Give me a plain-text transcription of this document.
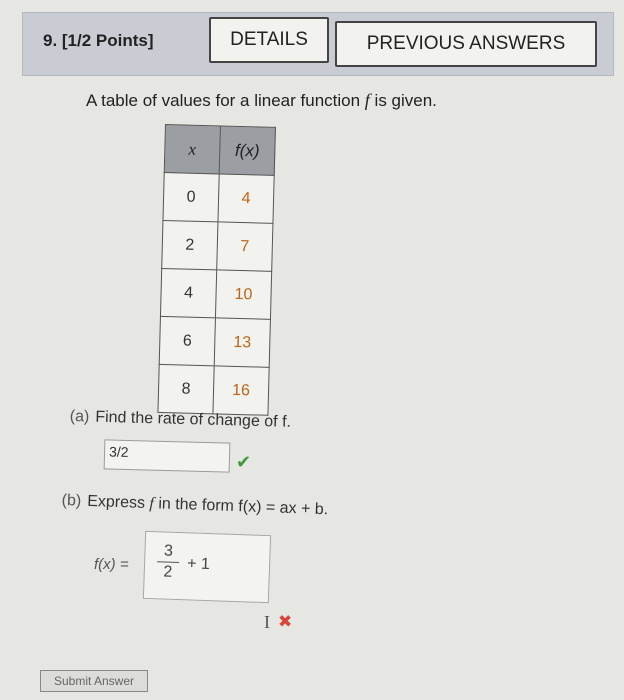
9. [1/2 Points]	DETAILS	PREVIOUS ANSWERS
A table of values for a linear function f is given.
x	f(x)
0	4
2	7
4	10
6	13
8	16
(a) Find the rate of change of f.
3/2
✔
(b) Express f in the form f(x) = ax + b.
$f(x) = \frac{3}{2} + 1$
I ✖
Submit Answer
